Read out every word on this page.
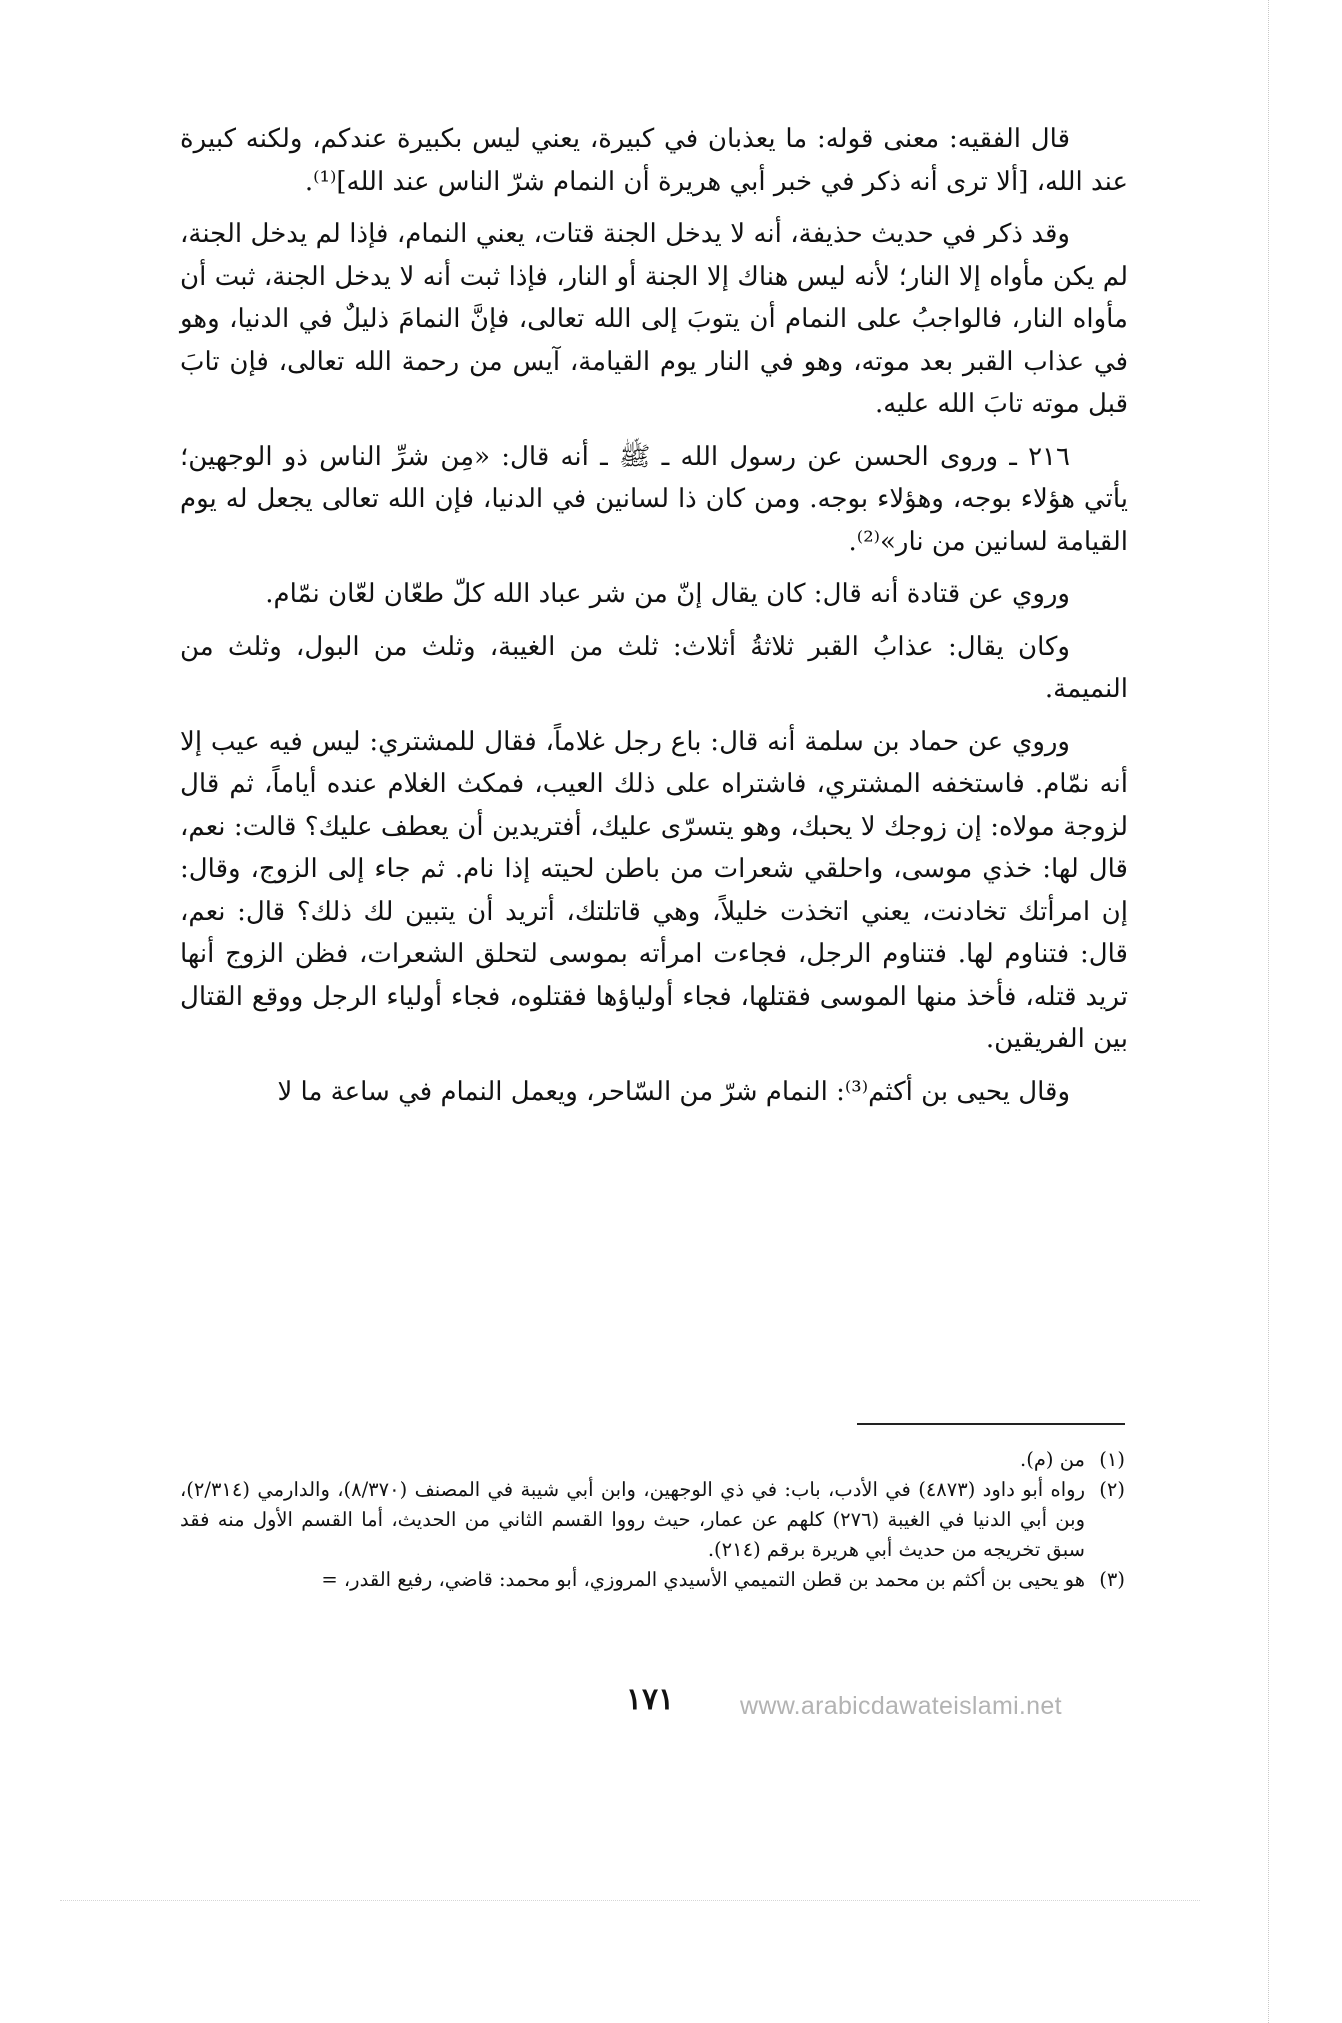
قال الفقيه: معنى قوله: ما يعذبان في كبيرة، يعني ليس بكبيرة عندكم، ولكنه كبيرة عند الله، [ألا ترى أنه ذكر في خبر أبي هريرة أن النمام شرّ الناس عند الله]⁽¹⁾.

وقد ذكر في حديث حذيفة، أنه لا يدخل الجنة قتات، يعني النمام، فإذا لم يدخل الجنة، لم يكن مأواه إلا النار؛ لأنه ليس هناك إلا الجنة أو النار، فإذا ثبت أنه لا يدخل الجنة، ثبت أن مأواه النار، فالواجبُ على النمام أن يتوبَ إلى الله تعالى، فإنَّ النمامَ ذليلٌ في الدنيا، وهو في عذاب القبر بعد موته، وهو في النار يوم القيامة، آيس من رحمة الله تعالى، فإن تابَ قبل موته تابَ الله عليه.

٢١٦ ـ وروى الحسن عن رسول الله ـ ﷺ ـ أنه قال: «مِن شرِّ الناس ذو الوجهين؛ يأتي هؤلاء بوجه، وهؤلاء بوجه. ومن كان ذا لسانين في الدنيا، فإن الله تعالى يجعل له يوم القيامة لسانين من نار»⁽²⁾.

وروي عن قتادة أنه قال: كان يقال إنّ من شر عباد الله كلّ طعّان لعّان نمّام.

وكان يقال: عذابُ القبر ثلاثةُ أثلاث: ثلث من الغيبة، وثلث من البول، وثلث من النميمة.

وروي عن حماد بن سلمة أنه قال: باع رجل غلاماً، فقال للمشتري: ليس فيه عيب إلا أنه نمّام. فاستخفه المشتري، فاشتراه على ذلك العيب، فمكث الغلام عنده أياماً، ثم قال لزوجة مولاه: إن زوجك لا يحبك، وهو يتسرّى عليك، أفتريدين أن يعطف عليك؟ قالت: نعم، قال لها: خذي موسى، واحلقي شعرات من باطن لحيته إذا نام. ثم جاء إلى الزوج، وقال: إن امرأتك تخادنت، يعني اتخذت خليلاً، وهي قاتلتك، أتريد أن يتبين لك ذلك؟ قال: نعم، قال: فتناوم لها. فتناوم الرجل، فجاءت امرأته بموسى لتحلق الشعرات، فظن الزوج أنها تريد قتله، فأخذ منها الموسى فقتلها، فجاء أولياؤها فقتلوه، فجاء أولياء الرجل ووقع القتال بين الفريقين.

وقال يحيى بن أكثم⁽³⁾: النمام شرّ من السّاحر، ويعمل النمام في ساعة ما لا

(١)
من (م).

(٢)
رواه أبو داود (٤٨٧٣) في الأدب، باب: في ذي الوجهين، وابن أبي شيبة في المصنف (٨/٣٧٠)، والدارمي (٢/٣١٤)، وبن أبي الدنيا في الغيبة (٢٧٦) كلهم عن عمار، حيث رووا القسم الثاني من الحديث، أما القسم الأول منه فقد سبق تخريجه من حديث أبي هريرة برقم (٢١٤).

(٣)
هو يحيى بن أكثم بن محمد بن قطن التميمي الأسيدي المروزي، أبو محمد: قاضي، رفيع القدر، =

١٧١	www.arabicdawateislami.net
